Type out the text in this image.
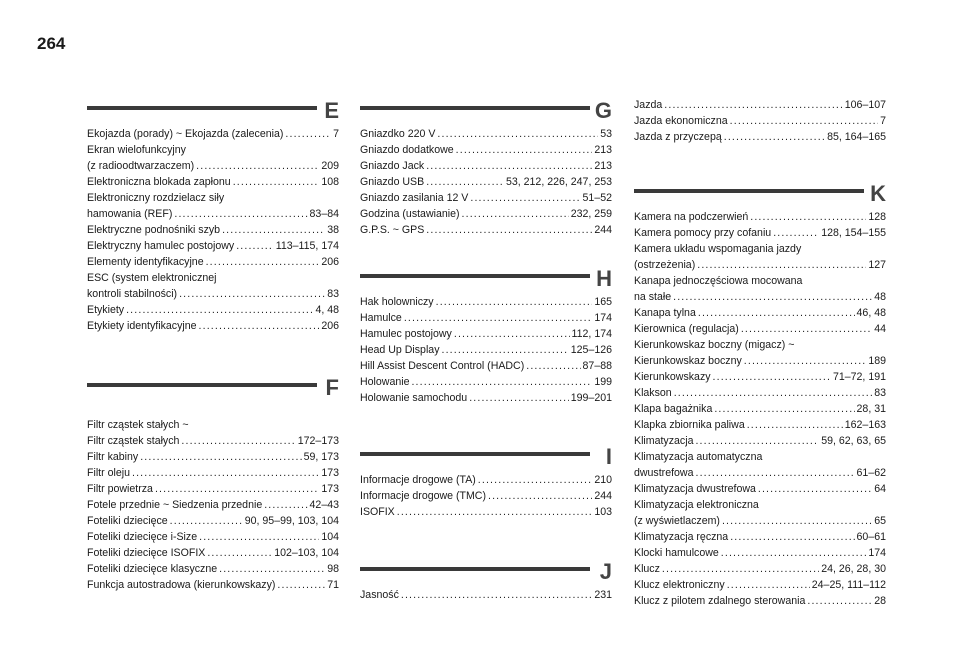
264
E
Ekojazda (porady) ~ Ekojazda (zalecenia) . . .	7
Ekran wielofunkcyjny
(z radioodtwarzaczem) . . .	209
Elektroniczna blokada zapłonu . . .	108
Elektroniczny rozdzielacz siły
hamowania (REF) . . .	83–84
Elektryczne podnośniki szyb . . .	38
Elektryczny hamulec postojowy . . .	113–115, 174
Elementy identyfikacyjne . . .	206
ESC (system elektronicznej
kontroli stabilności) . . .	83
Etykiety . . .	4, 48
Etykiety identyfikacyjne . . .	206
F
Filtr cząstek stałych ~
Filtr cząstek stałych . . .	172–173
Filtr kabiny . . .	59, 173
Filtr oleju . . .	173
Filtr powietrza . . .	173
Fotele przednie ~ Siedzenia przednie . . .	42–43
Foteliki dziecięce . . .	90, 95–99, 103, 104
Foteliki dziecięce i-Size . . .	104
Foteliki dziecięce ISOFIX . . .	102–103, 104
Foteliki dziecięce klasyczne . . .	98
Funkcja autostradowa (kierunkowskazy) . . .	71
G
Gniazdko 220 V . . .	53
Gniazdo dodatkowe . . .	213
Gniazdo Jack . . .	213
Gniazdo USB . . .	53, 212, 226, 247, 253
Gniazdo zasilania 12 V . . .	51–52
Godzina (ustawianie) . . .	232, 259
G.P.S. ~ GPS . . .	244
H
Hak holowniczy . . .	165
Hamulce . . .	174
Hamulec postojowy . . .	112, 174
Head Up Display . . .	125–126
Hill Assist Descent Control (HADC) . . .	87–88
Holowanie . . .	199
Holowanie samochodu . . .	199–201
I
Informacje drogowe (TA) . . .	210
Informacje drogowe (TMC) . . .	244
ISOFIX . . .	103
J
Jasność . . .	231
Jazda . . .	106–107
Jazda ekonomiczna . . .	7
Jazda z przyczepą . . .	85, 164–165
K
Kamera na podczerwień . . .	128
Kamera pomocy przy cofaniu . . .	128, 154–155
Kamera układu wspomagania jazdy
(ostrzeżenia) . . .	127
Kanapa jednoczęściowa mocowana
na stałe . . .	48
Kanapa tylna . . .	46, 48
Kierownica (regulacja) . . .	44
Kierunkowskaz boczny (migacz) ~
Kierunkowskaz boczny . . .	189
Kierunkowskazy . . .	71–72, 191
Klakson . . .	83
Klapa bagażnika . . .	28, 31
Klapka zbiornika paliwa . . .	162–163
Klimatyzacja . . .	59, 62, 63, 65
Klimatyzacja automatyczna
dwustrefowa . . .	61–62
Klimatyzacja dwustrefowa . . .	64
Klimatyzacja elektroniczna
(z wyświetlaczem) . . .	65
Klimatyzacja ręczna . . .	60–61
Klocki hamulcowe . . .	174
Klucz . . .	24, 26, 28, 30
Klucz elektroniczny . . .	24–25, 111–112
Klucz z pilotem zdalnego sterowania . . .	28
